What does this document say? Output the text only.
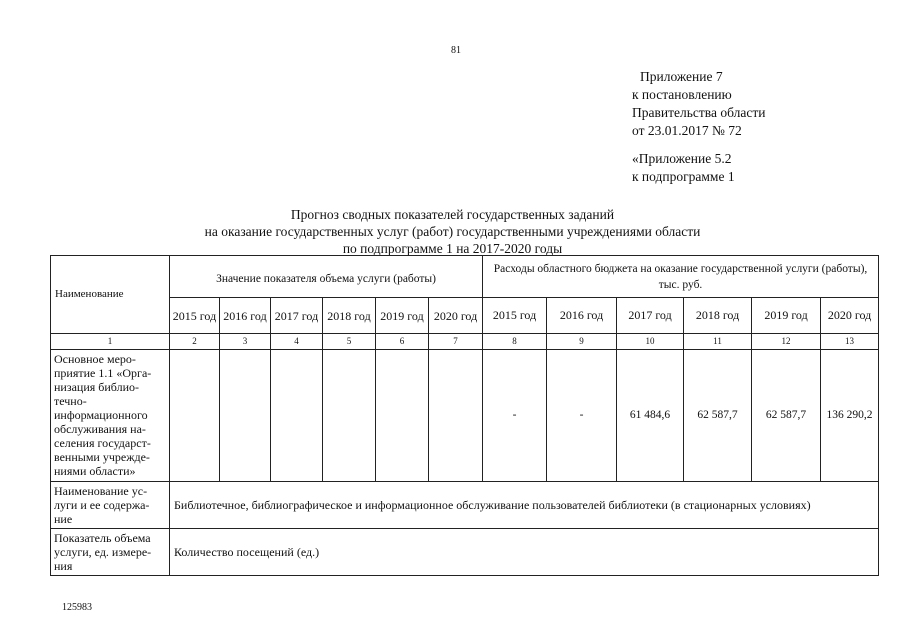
81
Приложение 7
к постановлению
Правительства области
от 23.01.2017 № 72
«Приложение 5.2
к подпрограмме 1
Прогноз сводных показателей государственных заданий
на оказание государственных услуг (работ) государственными учреждениями области
по подпрограмме 1 на 2017-2020 годы
Наименование	Значение показателя объема услуги (работы)						Расходы областного бюджета на оказание государственной услуги (работы), тыс. руб.					
	2015 год	2016 год	2017 год	2018 год	2019 год	2020 год	2015 год	2016 год	2017 год	2018 год	2019 год	2020 год
1	2	3	4	5	6	7	8	9	10	11	12	13
Основное меро-приятие 1.1 «Орга-низация библио-течно-информационного обслуживания на-селения государст-венными учрежде-ниями области»							-	-	61 484,6	62 587,7	62 587,7	136 290,2
Наименование ус-луги и ее содержа-ние	Библиотечное, библиографическое и информационное обслуживание пользователей библиотеки (в стационарных условиях)											
Показатель объема услуги, ед. измере-ния	Количество посещений (ед.)											
125983
